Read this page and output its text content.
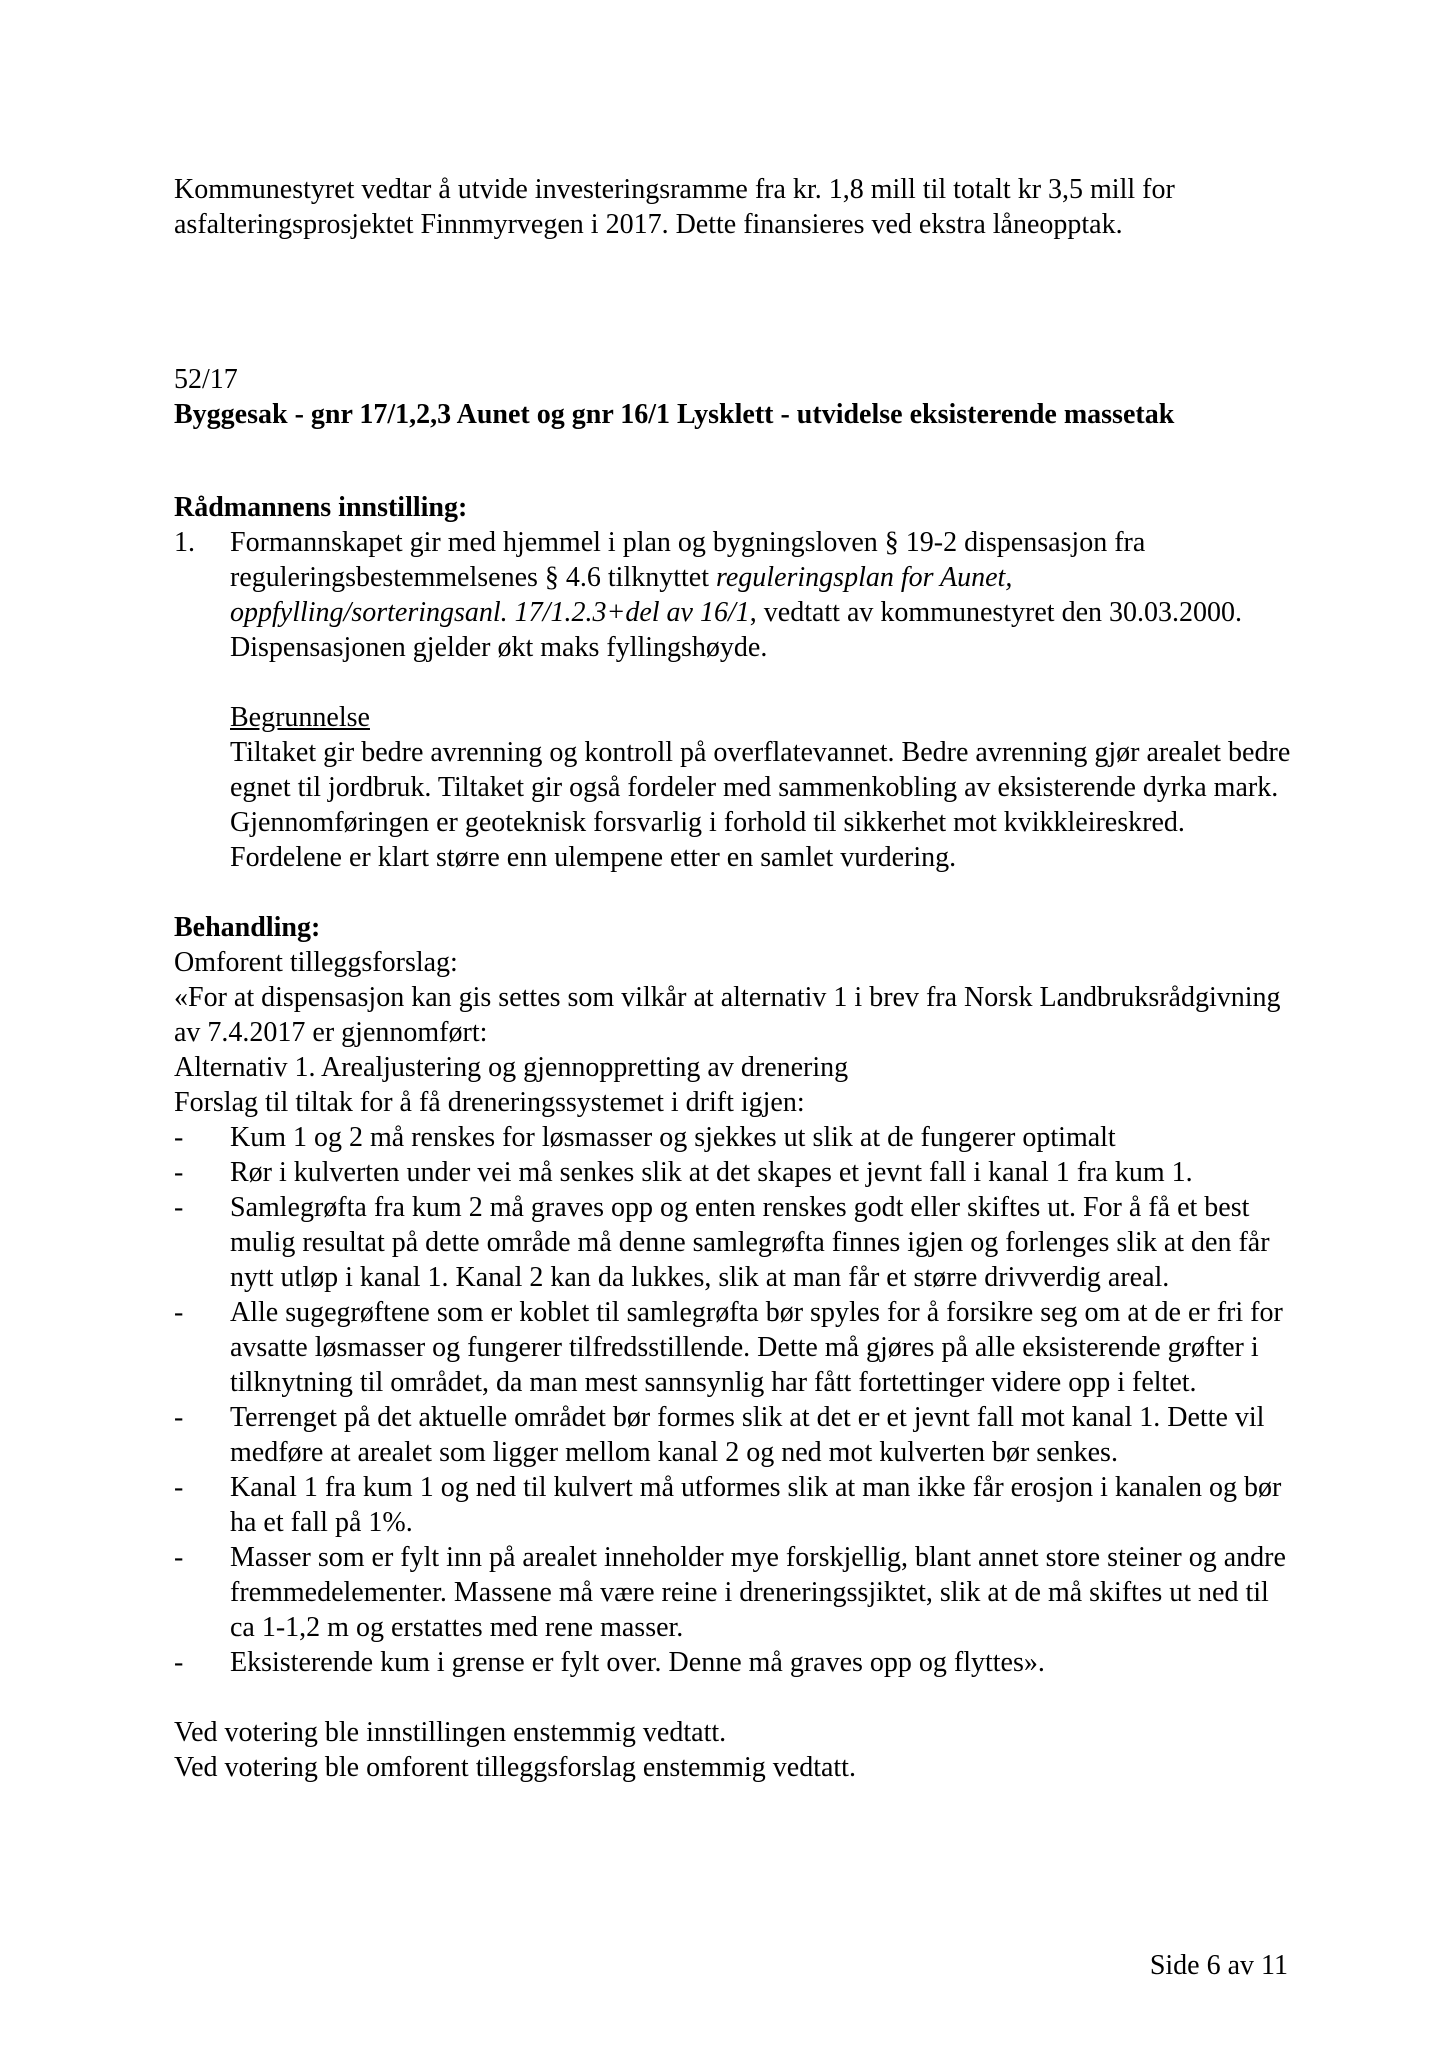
Kommunestyret vedtar å utvide investeringsramme fra kr. 1,8 mill til totalt kr 3,5 mill for

asfalteringsprosjektet Finnmyrvegen i 2017. Dette finansieres ved ekstra låneopptak.

52/17

Byggesak - gnr 17/1,2,3 Aunet og gnr 16/1 Lysklett - utvidelse eksisterende massetak

Rådmannens innstilling:

1.	Formannskapet gir med hjemmel i plan og bygningsloven § 19-2 dispensasjon fra reguleringsbestemmelsenes § 4.6 tilknyttet reguleringsplan for Aunet, oppfylling/sorteringsanl. 17/1.2.3+del av 16/1, vedtatt av kommunestyret den 30.03.2000. Dispensasjonen gjelder økt maks fyllingshøyde.

Begrunnelse

Tiltaket gir bedre avrenning og kontroll på overflatevannet. Bedre avrenning gjør arealet bedre egnet til jordbruk. Tiltaket gir også fordeler med sammenkobling av eksisterende dyrka mark. Gjennomføringen er geoteknisk forsvarlig i forhold til sikkerhet mot kvikkleireskred. Fordelene er klart større enn ulempene etter en samlet vurdering.

Behandling:

Omforent tilleggsforslag:

«For at dispensasjon kan gis settes som vilkår at alternativ 1 i brev fra Norsk Landbruksrådgivning av 7.4.2017 er gjennomført:

Alternativ 1. Arealjustering og gjennoppretting av drenering

Forslag til tiltak for å få dreneringssystemet i drift igjen:

-	Kum 1 og 2 må renskes for løsmasser og sjekkes ut slik at de fungerer optimalt
-	Rør i kulverten under vei må senkes slik at det skapes et jevnt fall i kanal 1 fra kum 1.
-	Samlegrøfta fra kum 2 må graves opp og enten renskes godt eller skiftes ut. For å få et best mulig resultat på dette område må denne samlegrøfta finnes igjen og forlenges slik at den får nytt utløp i kanal 1. Kanal 2 kan da lukkes, slik at man får et større drivverdig areal.
-	Alle sugegrøftene som er koblet til samlegrøfta bør spyles for å forsikre seg om at de er fri for avsatte løsmasser og fungerer tilfredsstillende. Dette må gjøres på alle eksisterende grøfter i tilknytning til området, da man mest sannsynlig har fått fortettinger videre opp i feltet.
-	Terrenget på det aktuelle området bør formes slik at det er et jevnt fall mot kanal 1. Dette vil medføre at arealet som ligger mellom kanal 2 og ned mot kulverten bør senkes.
-	Kanal 1 fra kum 1 og ned til kulvert må utformes slik at man ikke får erosjon i kanalen og bør ha et fall på 1%.
-	Masser som er fylt inn på arealet inneholder mye forskjellig, blant annet store steiner og andre fremmedelementer. Massene må være reine i dreneringssjiktet, slik at de må skiftes ut ned til ca 1-1,2 m og erstattes med rene masser.
-	Eksisterende kum i grense er fylt over. Denne må graves opp og flyttes».

Ved votering ble innstillingen enstemmig vedtatt.

Ved votering ble omforent tilleggsforslag enstemmig vedtatt.

Side 6 av 11
